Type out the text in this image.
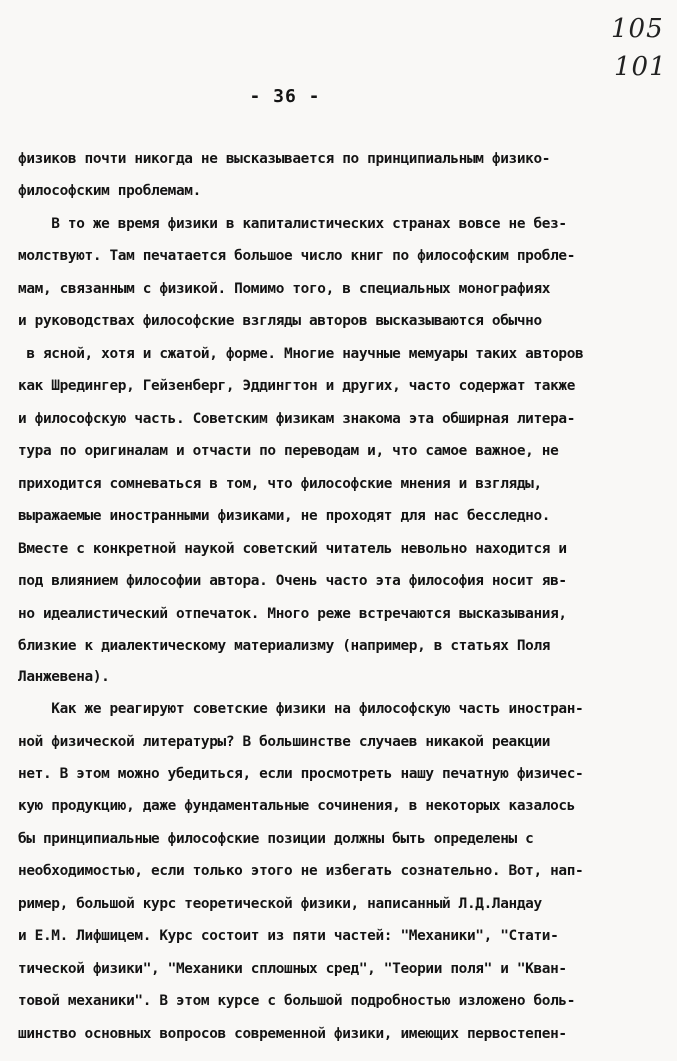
105
101
- 36 -
физиков почти никогда не высказывается по принципиальным физико-
философским проблемам.
В то же время физики в капиталистических странах вовсе не без-
молствуют. Там печатается большое число книг по философским пробле-
мам, связанным с физикой. Помимо того, в специальных монографиях
и руководствах философские взгляды авторов высказываются обычно
в ясной, хотя и сжатой, форме. Многие научные мемуары таких авторов
как Шредингер, Гейзенберг, Эддингтон и других, часто содержат также
и философскую часть. Советским физикам знакома эта обширная литера-
тура по оригиналам и отчасти по переводам и, что самое важное, не
приходится сомневаться в том, что философские мнения и взгляды,
выражаемые иностранными физиками, не проходят для нас бесследно.
Вместе с конкретной наукой советский читатель невольно находится и
под влиянием философии автора. Очень часто эта философия носит яв-
но идеалистический отпечаток. Много реже встречаются высказывания,
близкие к диалектическому материализму (например, в статьях Поля
Ланжевена).
Как же реагируют советские физики на философскую часть иностран-
ной физической литературы? В большинстве случаев никакой реакции
нет. В этом можно убедиться, если просмотреть нашу печатную физичес-
кую продукцию, даже фундаментальные сочинения, в некоторых казалось
бы принципиальные философские позиции должны быть определены с
необходимостью, если только этого не избегать сознательно. Вот, нап-
ример, большой курс теоретической физики, написанный Л.Д.Ландау
и Е.М. Лифшицем. Курс состоит из пяти частей: "Механики", "Стати-
тической физики", "Механики сплошных сред", "Теории поля" и "Кван-
товой механики". В этом курсе с большой подробностью изложено боль-
шинство основных вопросов современной физики, имеющих первостепен-
